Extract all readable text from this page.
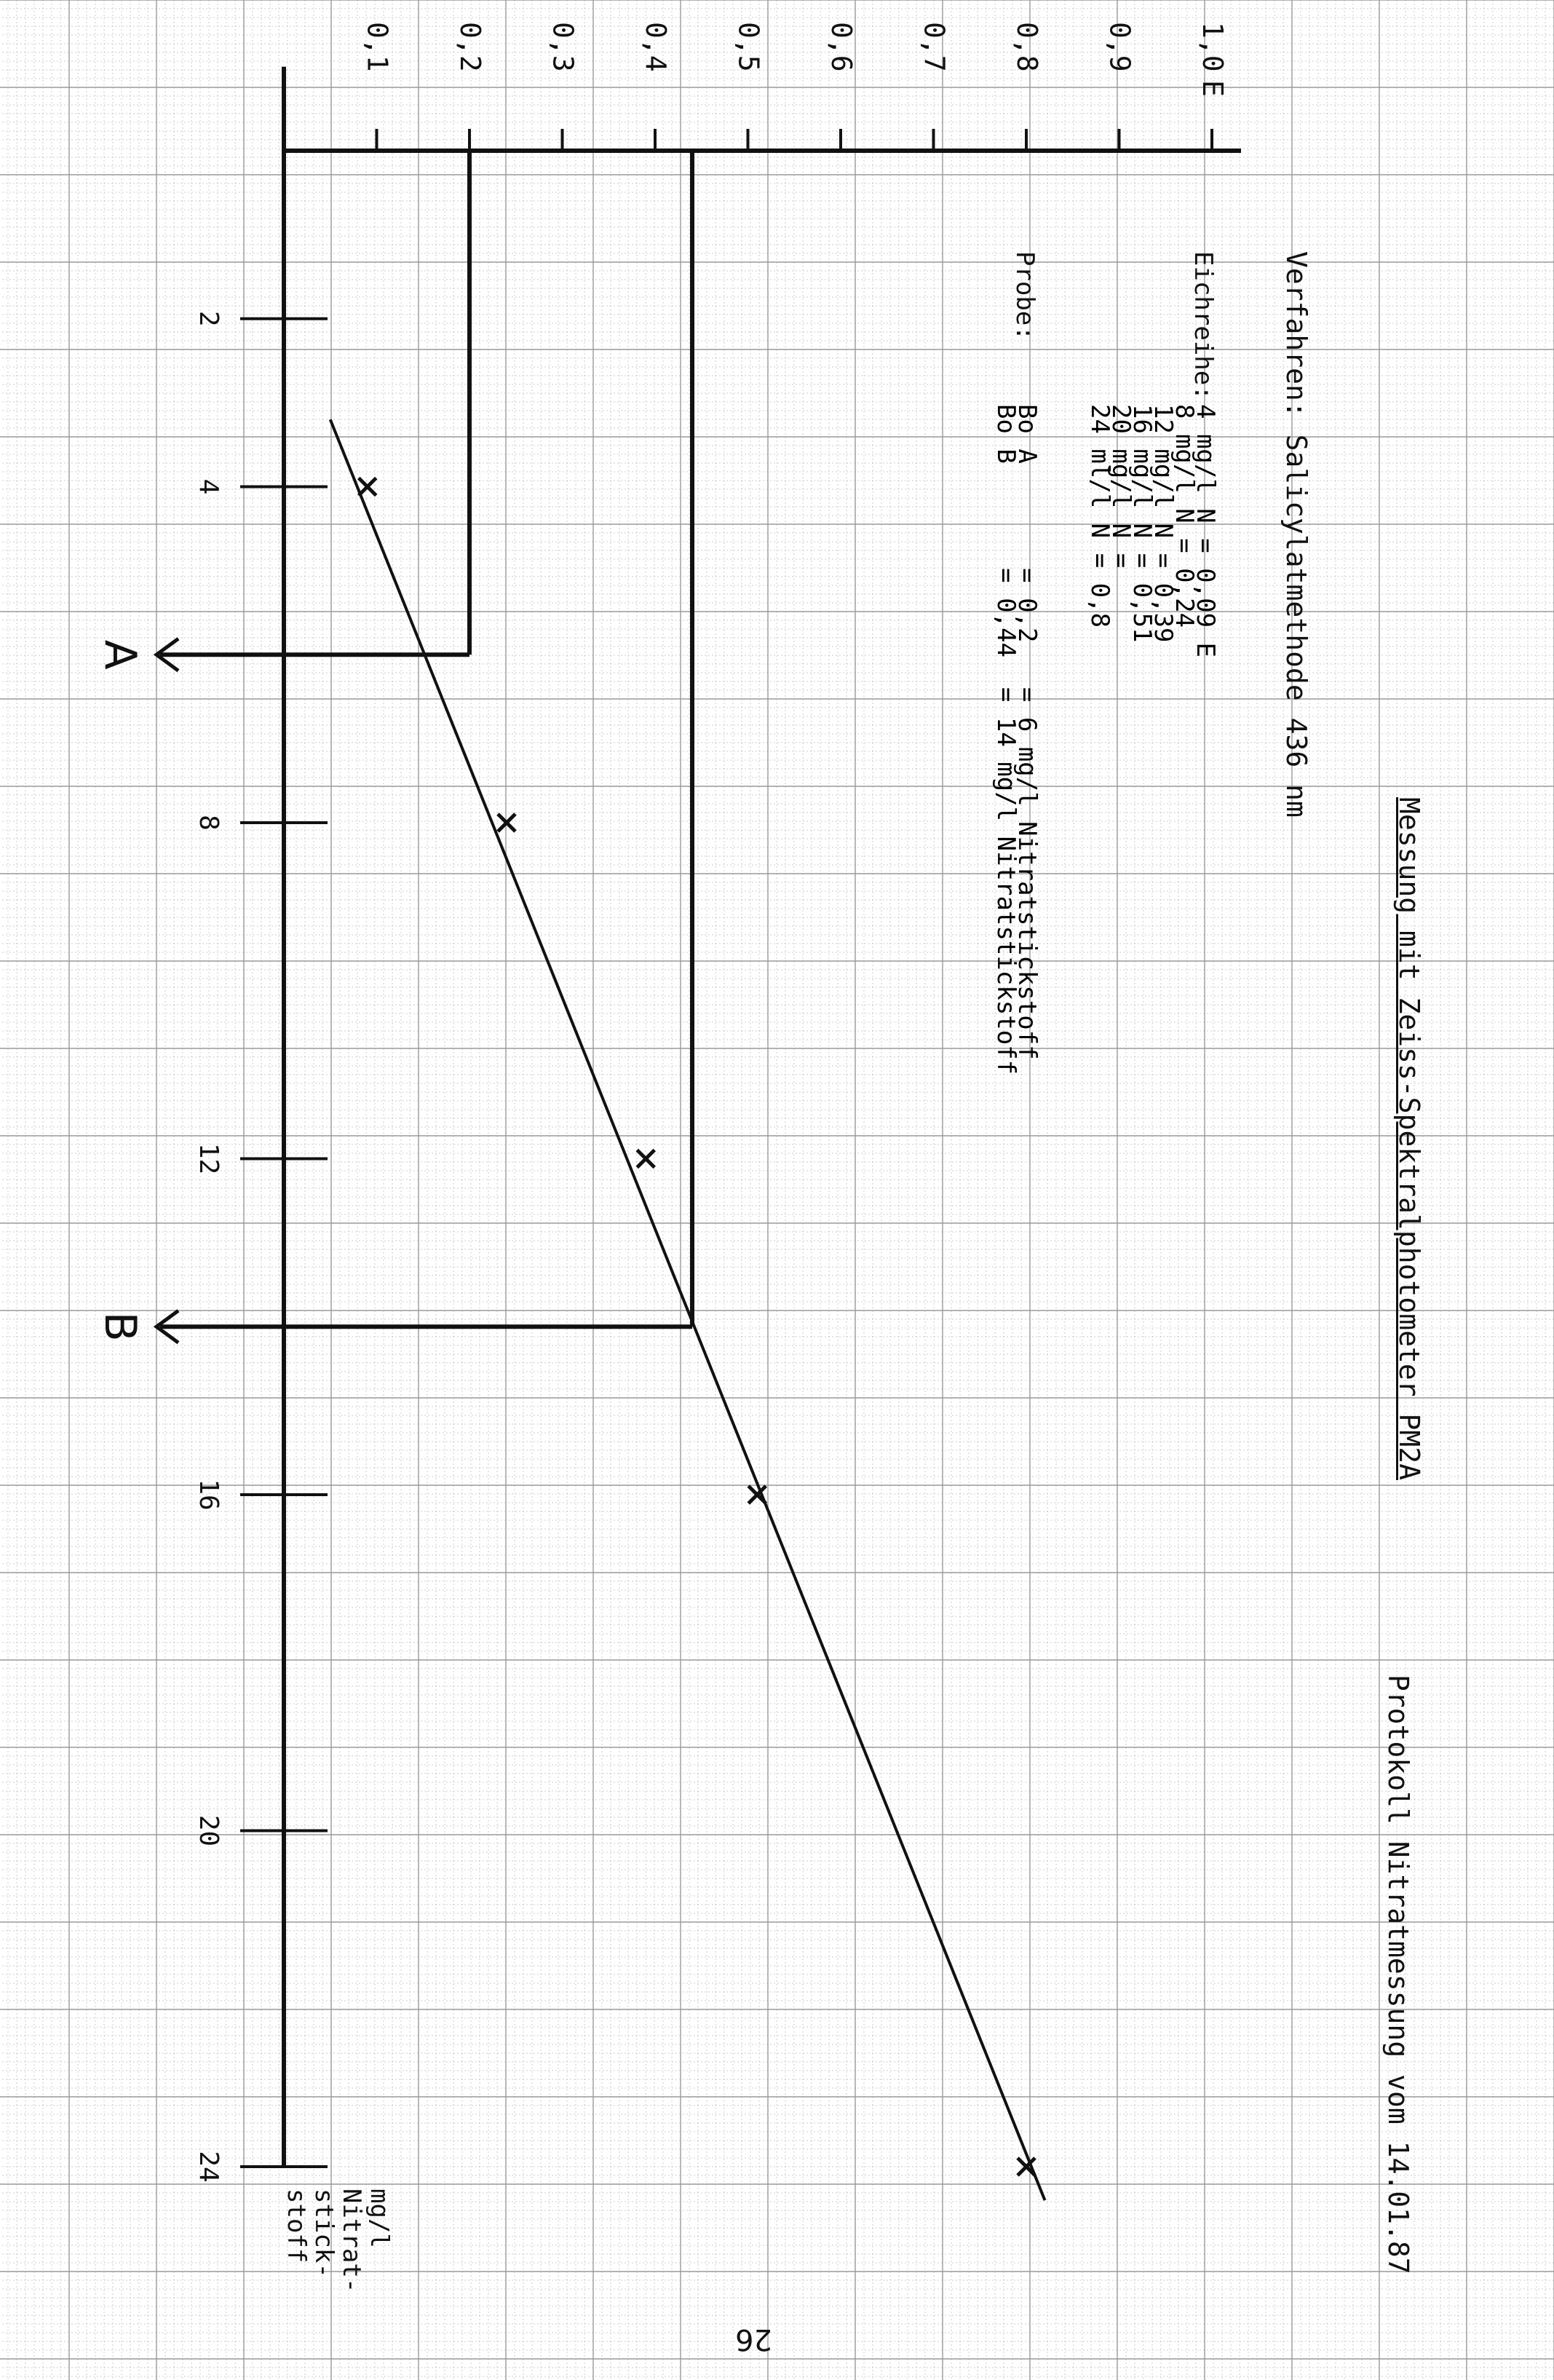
2
4
8
12
16
20
24
mg/lNitrat-stick-stoff
0,1 0,2 0,3 0,4 0,5 0,6 0,7 0,8 0,9 1,0
E
A
B
Protokoll Nitratmessung vom 14.01.87
Messung mit Zeiss-Spektralphotometer PM2A
Verfahren: Salicylatmethode 436 nm
Eichreihe:
4 mg/l N = 0,09 E
8 mg/l N = 0,24
12 mg/l N = 0,39
16 mg/l N = 0,51
20 mg/l N =
24 ml/l N = 0,8
Probe:
Bo A       = 0,2   = 6 mg/l Nitratstickstoff
Bo B       = 0,44  = 14 mg/l Nitratstickstoff
26
